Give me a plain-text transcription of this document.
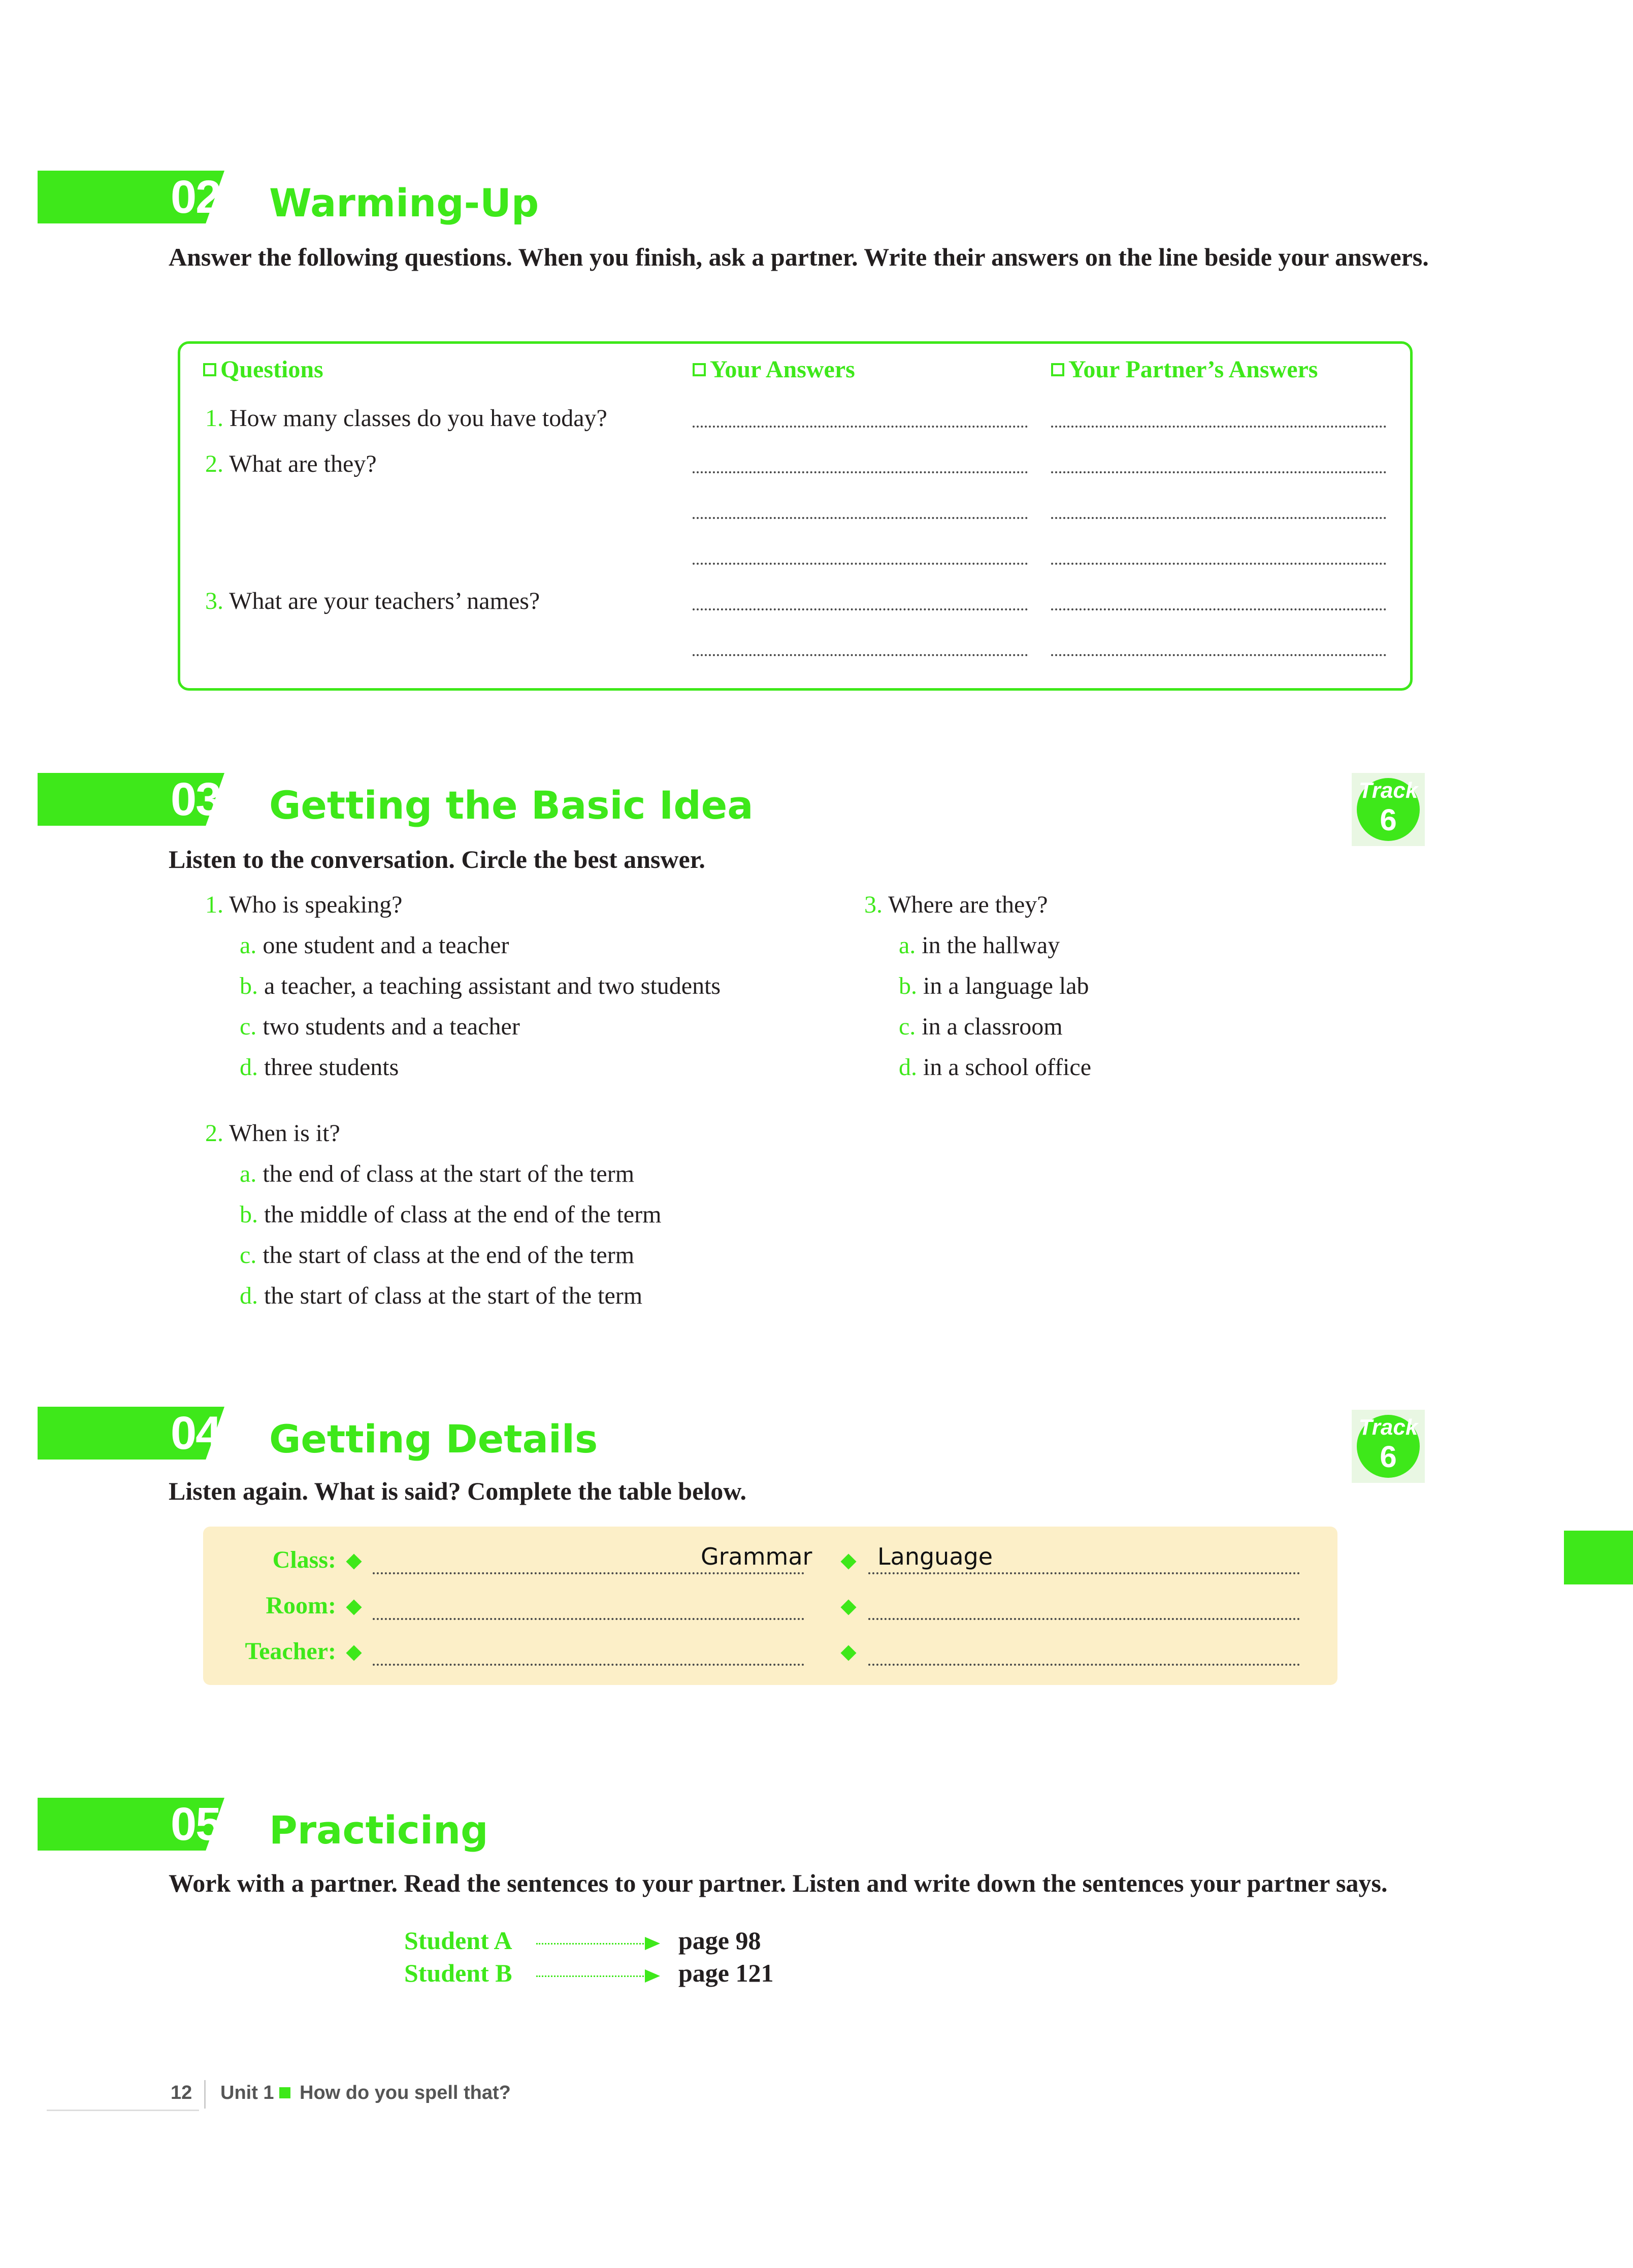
02 Warming-Up
Answer the following questions. When you finish, ask a partner. Write their answers on the line beside your answers.
Questions	Your Answers	Your Partner’s Answers
1. How many classes do you have today?
2. What are they?
3. What are your teachers’ names?
03 Getting the Basic Idea	Track
6
Listen to the conversation. Circle the best answer.
1. Who is speaking?
a. one student and a teacher
b. a teacher, a teaching assistant and two students
c. two students and a teacher
d. three students
3. Where are they?
a. in the hallway
b. in a language lab
c. in a classroom
d. in a school office
2. When is it?
a. the end of class at the start of the term
b. the middle of class at the end of the term
c. the start of class at the end of the term
d. the start of class at the start of the term
04 Getting Details	Track
6
Listen again. What is said? Complete the table below.
Class:	Grammar	Language
Room:
Teacher:
05 Practicing
Work with a partner. Read the sentences to your partner. Listen and write down the sentences your partner says.
Student A	page 98
Student B	page 121
12 Unit 1 How do you spell that?
